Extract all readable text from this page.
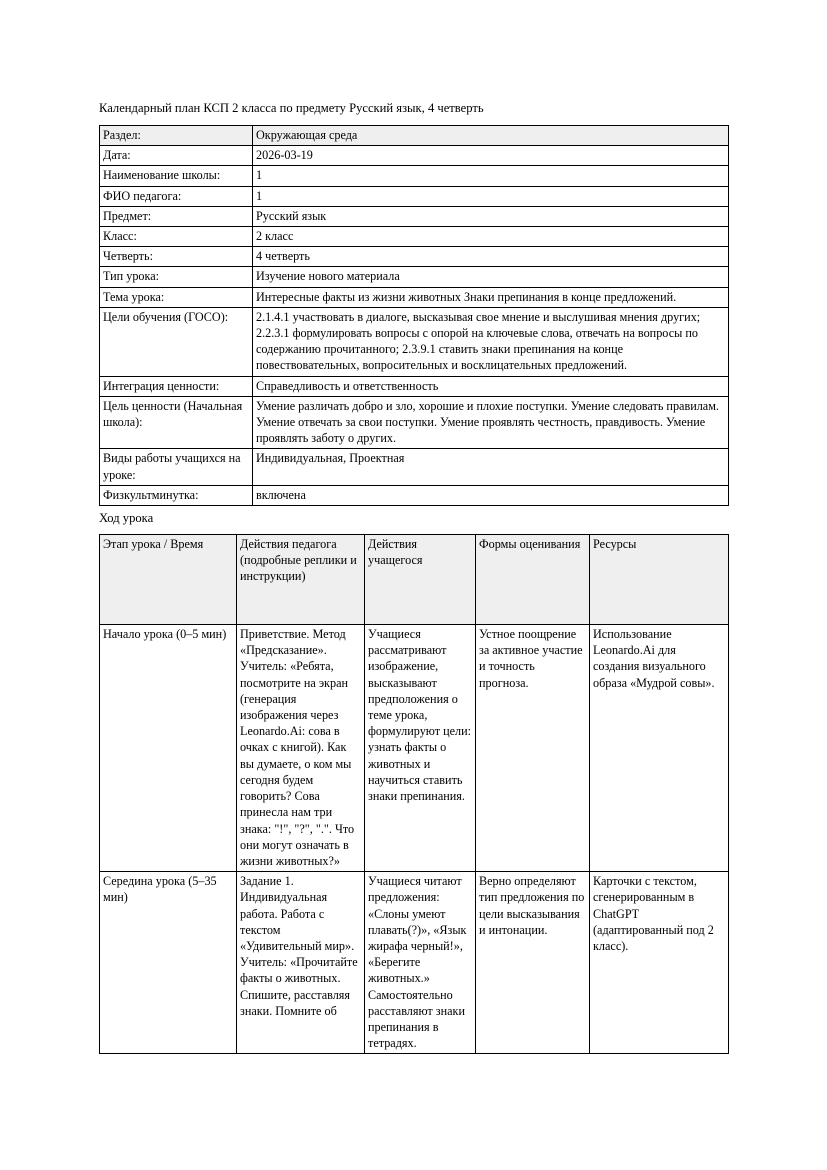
Календарный план КСП 2 класса по предмету Русский язык, 4 четверть

Раздел:	Окружающая среда
Дата:	2026-03-19
Наименование школы:	1
ФИО педагога:	1
Предмет:	Русский язык
Класс:	2 класс
Четверть:	4 четверть
Тип урока:	Изучение нового материала
Тема урока:	Интересные факты из жизни животных Знаки препинания в конце предложений.
Цели обучения (ГОСО):	2.1.4.1 участвовать в диалоге, высказывая свое мнение и выслушивая мнения других; 2.2.3.1 формулировать вопросы с опорой на ключевые слова, отвечать на вопросы по содержанию прочитанного; 2.3.9.1 ставить знаки препинания на конце повествовательных, вопросительных и восклицательных предложений.
Интеграция ценности:	Справедливость и ответственность
Цель ценности (Начальная школа):	Умение различать добро и зло, хорошие и плохие поступки. Умение следовать правилам. Умение отвечать за свои поступки. Умение проявлять честность, правдивость. Умение проявлять заботу о других.
Виды работы учащихся на уроке:	Индивидуальная, Проектная
Физкультминутка:	включена

Ход урока

Этап урока / Время	Действия педагога (подробные реплики и инструкции)	Действия учащегося	Формы оценивания	Ресурсы
Начало урока (0–5 мин)	Приветствие. Метод «Предсказание». Учитель: «Ребята, посмотрите на экран (генерация изображения через Leonardo.Ai: сова в очках с книгой). Как вы думаете, о ком мы сегодня будем говорить? Сова принесла нам три знака: "!", "?", ".". Что они могут означать в жизни животных?»	Учащиеся рассматривают изображение, высказывают предположения о теме урока, формулируют цели: узнать факты о животных и научиться ставить знаки препинания.	Устное поощрение за активное участие и точность прогноза.	Использование Leonardo.Ai для создания визуального образа «Мудрой совы».
Середина урока (5–35 мин)	Задание 1. Индивидуальная работа. Работа с текстом «Удивительный мир». Учитель: «Прочитайте факты о животных. Спишите, расставляя знаки. Помните об	Учащиеся читают предложения: «Слоны умеют плавать(?)», «Язык жирафа черный!», «Берегите животных.» Самостоятельно расставляют знаки препинания в тетрадях.	Верно определяют тип предложения по цели высказывания и интонации.	Карточки с текстом, сгенерированным в ChatGPT (адаптированный под 2 класс).
